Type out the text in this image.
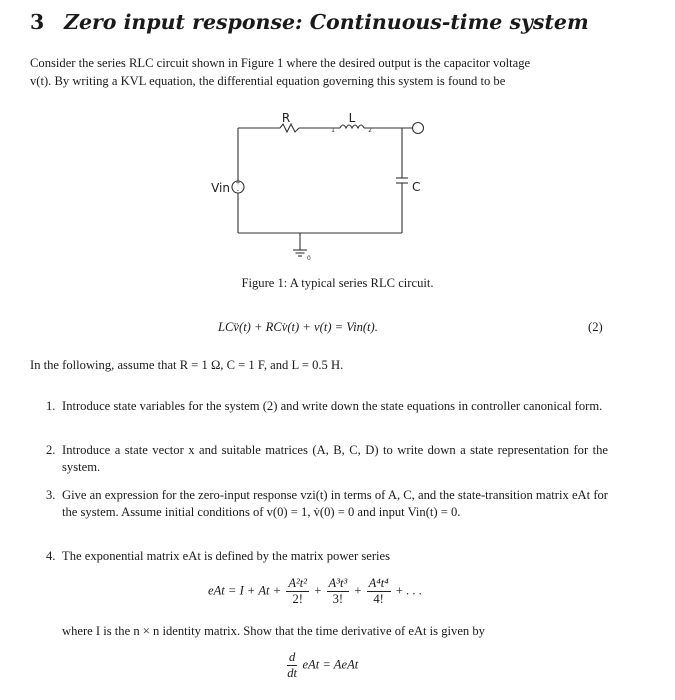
3 Zero input response: Continuous-time system
Consider the series RLC circuit shown in Figure 1 where the desired output is the capacitor voltage
v(t). By writing a KVL equation, the differential equation governing this system is found to be
+
-
R	L
1	2
Vin	C
0
Figure 1: A typical series RLC circuit.
LCv̈(t) + RCv̇(t) + v(t) = Vin(t).	(2)
In the following, assume that R = 1 Ω, C = 1 F, and L = 0.5 H.
1. Introduce state variables for the system (2) and write down the state equations in controller canonical form.
2. Introduce a state vector x and suitable matrices (A, B, C, D) to write down a state representation for the system.
3. Give an expression for the zero-input response vzi(t) in terms of A, C, and the state-transition matrix eAt for the system. Assume initial conditions of v(0) = 1, v̇(0) = 0 and input Vin(t) = 0.
4. The exponential matrix eAt is defined by the matrix power series
eAt = $I + At + \frac{\text{A²t²}}{2!} + \frac{\text{A³t³}}{3!} + \frac{\text{A⁴t⁴}}{4!}$ + . . .
where I is the n × n identity matrix. Show that the time derivative of eAt is given by
$\frac{d}{dt}$ eAt = AeAt
